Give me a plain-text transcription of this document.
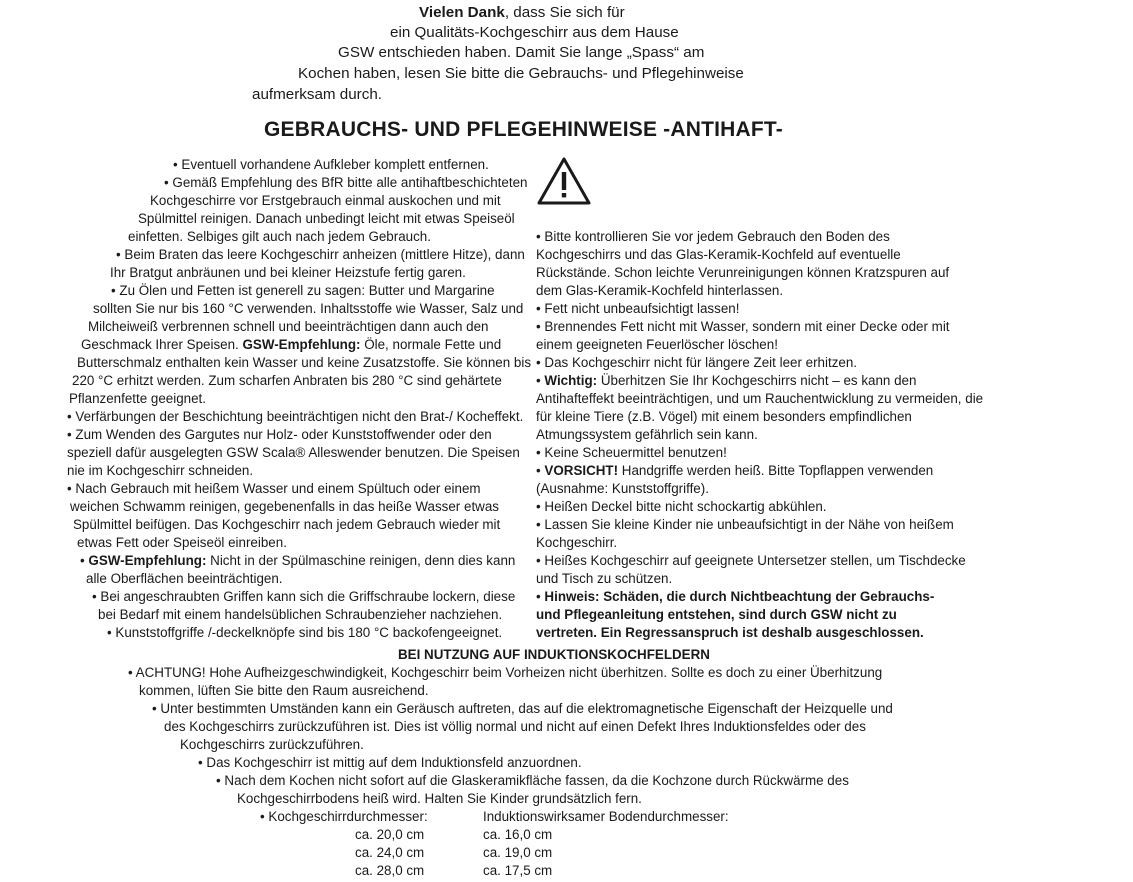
Vielen Dank, dass Sie sich für
ein Qualitäts-Kochgeschirr aus dem Hause
GSW entschieden haben. Damit Sie lange „Spass“ am
Kochen haben, lesen Sie bitte die Gebrauchs- und Pflegehinweise
aufmerksam durch.
GEBRAUCHS- UND PFLEGEHINWEISE -ANTIHAFT-
• Eventuell vorhandene Aufkleber komplett entfernen.
• Gemäß Empfehlung des BfR bitte alle antihaftbeschichteten
Kochgeschirre vor Erstgebrauch einmal auskochen und mit
Spülmittel reinigen. Danach unbedingt leicht mit etwas Speiseöl
einfetten. Selbiges gilt auch nach jedem Gebrauch.
• Beim Braten das leere Kochgeschirr anheizen (mittlere Hitze), dann
Ihr Bratgut anbräunen und bei kleiner Heizstufe fertig garen.
• Zu Ölen und Fetten ist generell zu sagen: Butter und Margarine
sollten Sie nur bis 160 °C verwenden. Inhaltsstoffe wie Wasser, Salz und
Milcheiweiß verbrennen schnell und beeinträchtigen dann auch den
Geschmack Ihrer Speisen. GSW-Empfehlung: Öle, normale Fette und
Butterschmalz enthalten kein Wasser und keine Zusatzstoffe. Sie können bis
220 °C erhitzt werden. Zum scharfen Anbraten bis 280 °C sind gehärtete
Pflanzenfette geeignet.
• Verfärbungen der Beschichtung beeinträchtigen nicht den Brat-/ Kocheffekt.
• Zum Wenden des Gargutes nur Holz- oder Kunststoffwender oder den
speziell dafür ausgelegten GSW Scala® Alleswender benutzen. Die Speisen
nie im Kochgeschirr schneiden.
• Nach Gebrauch mit heißem Wasser und einem Spültuch oder einem
weichen Schwamm reinigen, gegebenenfalls in das heiße Wasser etwas
Spülmittel beifügen. Das Kochgeschirr nach jedem Gebrauch wieder mit
etwas Fett oder Speiseöl einreiben.
• GSW-Empfehlung: Nicht in der Spülmaschine reinigen, denn dies kann
alle Oberflächen beeinträchtigen.
• Bei angeschraubten Griffen kann sich die Griffschraube lockern, diese
bei Bedarf mit einem handelsüblichen Schraubenzieher nachziehen.
• Kunststoffgriffe /-deckelknöpfe sind bis 180 °C backofengeeignet.
• Bitte kontrollieren Sie vor jedem Gebrauch den Boden des
Kochgeschirrs und das Glas-Keramik-Kochfeld auf eventuelle
Rückstände. Schon leichte Verunreinigungen können Kratzspuren auf
dem Glas-Keramik-Kochfeld hinterlassen.
• Fett nicht unbeaufsichtigt lassen!
• Brennendes Fett nicht mit Wasser, sondern mit einer Decke oder mit
einem geeigneten Feuerlöscher löschen!
• Das Kochgeschirr nicht für längere Zeit leer erhitzen.
• Wichtig: Überhitzen Sie Ihr Kochgeschirrs nicht – es kann den
Antihafteffekt beeinträchtigen, und um Rauchentwicklung zu vermeiden, die
für kleine Tiere (z.B. Vögel) mit einem besonders empfindlichen
Atmungssystem gefährlich sein kann.
• Keine Scheuermittel benutzen!
• VORSICHT! Handgriffe werden heiß. Bitte Topflappen verwenden
(Ausnahme: Kunststoffgriffe).
• Heißen Deckel bitte nicht schockartig abkühlen.
• Lassen Sie kleine Kinder nie unbeaufsichtigt in der Nähe von heißem
Kochgeschirr.
• Heißes Kochgeschirr auf geeignete Untersetzer stellen, um Tischdecke
und Tisch zu schützen.
• Hinweis: Schäden, die durch Nichtbeachtung der Gebrauchs-
und Pflegeanleitung entstehen, sind durch GSW nicht zu
vertreten. Ein Regressanspruch ist deshalb ausgeschlossen.
BEI NUTZUNG AUF INDUKTIONSKOCHFELDERN
• ACHTUNG! Hohe Aufheizgeschwindigkeit, Kochgeschirr beim Vorheizen nicht überhitzen. Sollte es doch zu einer Überhitzung
kommen, lüften Sie bitte den Raum ausreichend.
• Unter bestimmten Umständen kann ein Geräusch auftreten, das auf die elektromagnetische Eigenschaft der Heizquelle und
des Kochgeschirrs zurückzuführen ist. Dies ist völlig normal und nicht auf einen Defekt Ihres Induktionsfeldes oder des
Kochgeschirrs zurückzuführen.
• Das Kochgeschirr ist mittig auf dem Induktionsfeld anzuordnen.
• Nach dem Kochen nicht sofort auf die Glaskeramikfläche fassen, da die Kochzone durch Rückwärme des
Kochgeschirrbodens heiß wird. Halten Sie Kinder grundsätzlich fern.
• Kochgeschirrdurchmesser:	Induktionswirksamer Bodendurchmesser:
ca. 20,0 cm	ca. 16,0 cm
ca. 24,0 cm	ca. 19,0 cm
ca. 28,0 cm	ca. 17,5 cm
